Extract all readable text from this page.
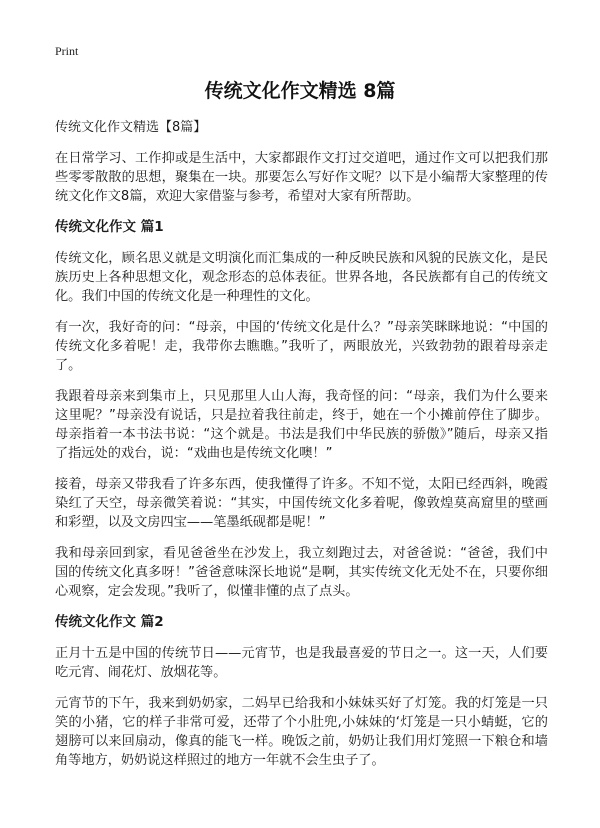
Print
传统文化作文精选 8篇

传统文化作文精选【8篇】

在日常学习、工作抑或是生活中，大家都跟作文打过交道吧，通过作文可以把我们那些零零散散的思想，聚集在一块。那要怎么写好作文呢？以下是小编帮大家整理的传统文化作文8篇，欢迎大家借鉴与参考，希望对大家有所帮助。

传统文化作文 篇1

传统文化，顾名思义就是文明演化而汇集成的一种反映民族和风貌的民族文化，是民族历史上各种思想文化，观念形态的总体表征。世界各地，各民族都有自己的传统文化。我们中国的传统文化是一种理性的文化。

有一次，我好奇的问：“母亲，中国的‘传统文化是什么？”母亲笑眯眯地说：“中国的传统文化多着呢！走，我带你去瞧瞧。”我听了，两眼放光，兴致勃勃的跟着母亲走了。

我跟着母亲来到集市上，只见那里人山人海，我奇怪的问：“母亲，我们为什么要来这里呢？”母亲没有说话，只是拉着我往前走，终于，她在一个小摊前停住了脚步。母亲指着一本书法书说：“这个就是。书法是我们中华民族的骄傲》”随后，母亲又指了指远处的戏台，说：“戏曲也是传统文化噢！”

接着，母亲又带我看了许多东西，使我懂得了许多。不知不觉，太阳已经西斜，晚霞染红了天空，母亲微笑着说：“其实，中国传统文化多着呢，像敦煌莫高窟里的壁画和彩塑，以及文房四宝——笔墨纸砚都是呢！”

我和母亲回到家，看见爸爸坐在沙发上，我立刻跑过去，对爸爸说：“爸爸，我们中国的传统文化真多呀！”爸爸意味深长地说“是啊，其实传统文化无处不在，只要你细心观察，定会发现。”我听了，似懂非懂的点了点头。

传统文化作文 篇2

正月十五是中国的传统节日——元宵节，也是我最喜爱的节日之一。这一天，人们要吃元宵、闹花灯、放烟花等。

元宵节的下午，我来到奶奶家，二妈早已给我和小妹妹买好了灯笼。我的灯笼是一只笑的小猪，它的样子非常可爱，还带了个小肚兜,小妹妹的‘灯笼是一只小蜻蜓，它的翅膀可以来回扇动，像真的能飞一样。晚饭之前，奶奶让我们用灯笼照一下粮仓和墙角等地方，奶奶说这样照过的地方一年就不会生虫子了。
